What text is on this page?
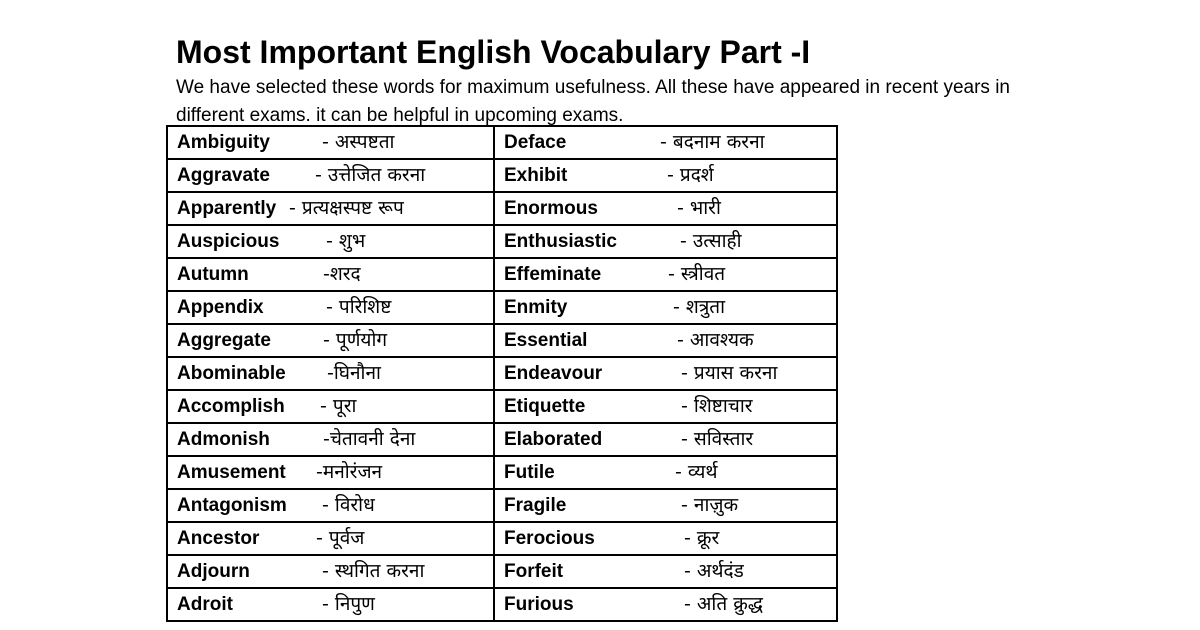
Most Important English Vocabulary Part -I

We have selected these words for maximum usefulness. All these have appeared in recent years in different exams. it can be helpful in upcoming exams.

Ambiguity - अस्पष्टता	Deface - बदनाम करना

Aggravate - उत्तेजित करना	Exhibit - प्रदर्श

Apparently - प्रत्यक्षस्पष्ट रूप	Enormous - भारी

Auspicious - शुभ	Enthusiastic - उत्साही

Autumn -शरद	Effeminate - स्त्रीवत

Appendix - परिशिष्ट	Enmity - शत्रुता

Aggregate - पूर्णयोग	Essential - आवश्यक

Abominable -घिनौना	Endeavour - प्रयास करना

Accomplish - पूरा	Etiquette - शिष्टाचार

Admonish -चेतावनी देना	Elaborated - सविस्तार

Amusement -मनोरंजन	Futile - व्यर्थ

Antagonism - विरोध	Fragile - नाज़ुक

Ancestor - पूर्वज	Ferocious - क्रूर

Adjourn - स्थगित करना	Forfeit - अर्थदंड

Adroit - निपुण	Furious - अति क्रुद्ध
